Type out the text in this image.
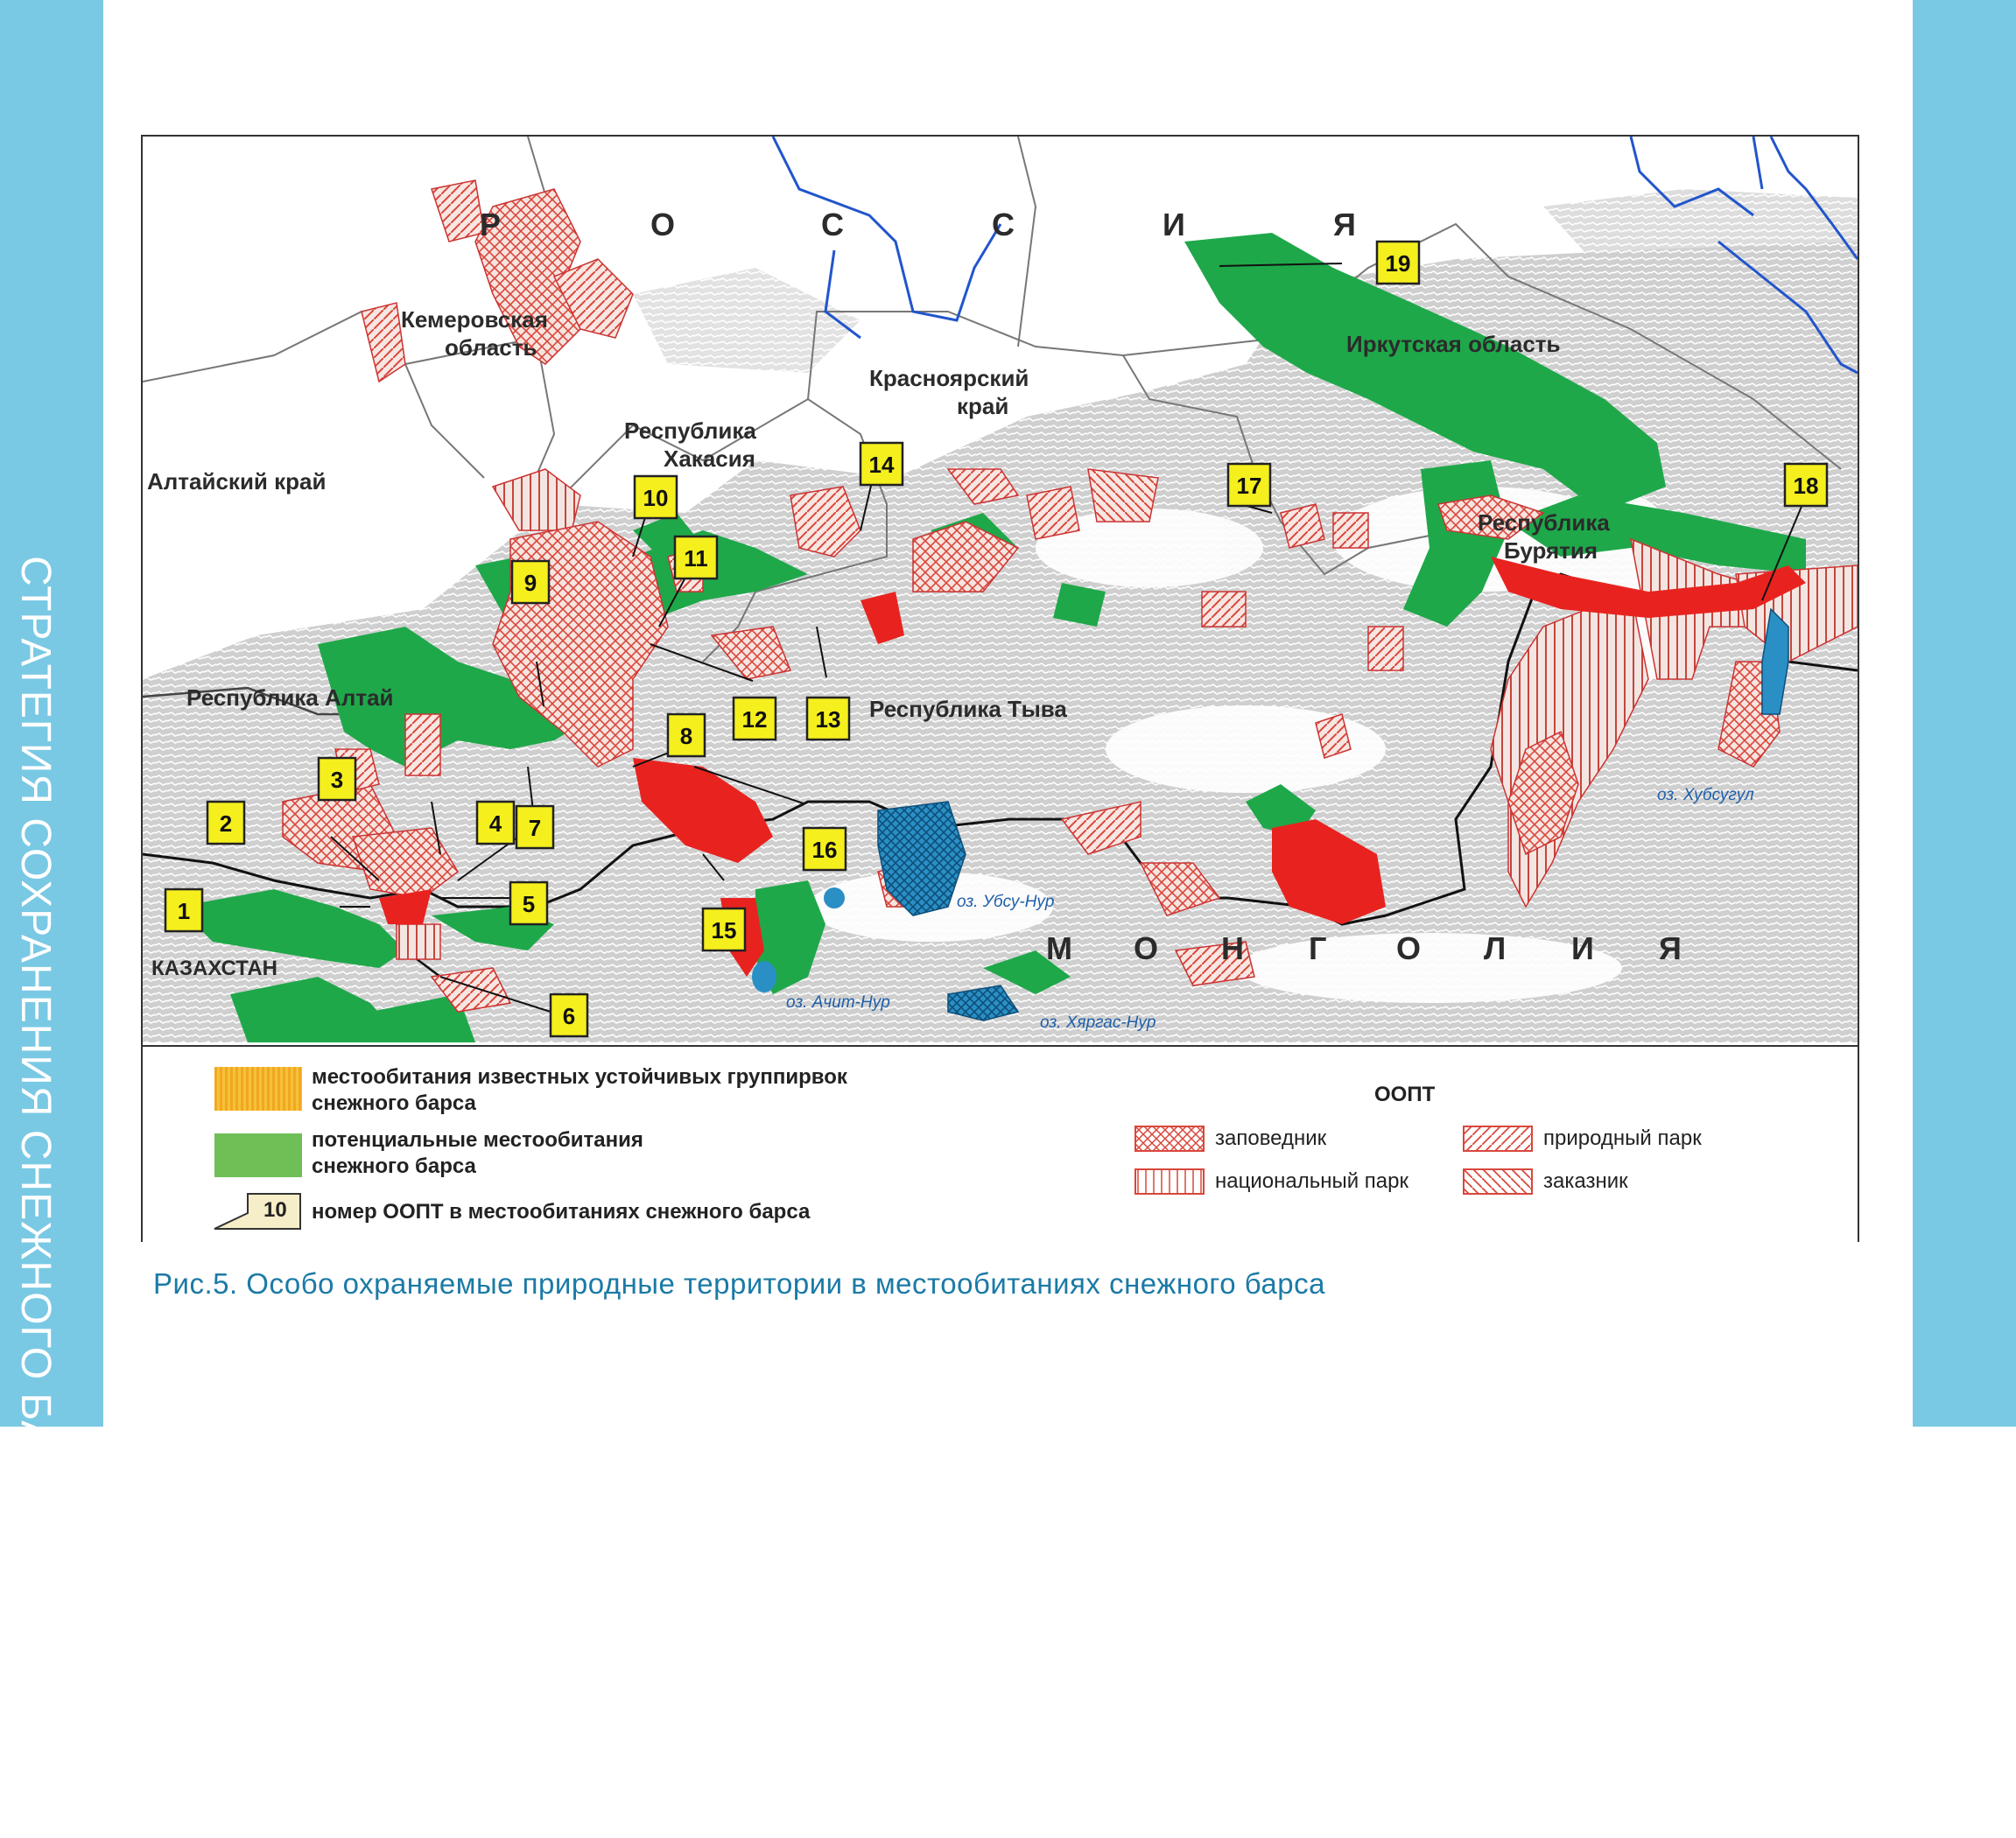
СТРАТЕГИЯ СОХРАНЕНИЯ СНЕЖНОГО БАРСА В РОССИИ 43
Р	О	С	С	И	Я
М О Н Г О Л И Я
КАЗАХСТАН
Кемеровская
область
Красноярский
край
Республика
Хакасия
Алтайский край
Республика Алтай	Республика Тыва
Иркутская область
Республика
Бурятия
оз. Убсу-Нур
оз. Хубсугул
оз. Ачит-Нур
оз. Хяргас-Нур
1
2
3
4
5
6
7
8
9
10
11
12 13
14
15
16
17	18
19
местообитания известных устойчивых группирвок
снежного барса
потенциальные местообитания
снежного барса
10 номер ООПТ в местообитаниях снежного барса
ООПТ
заповедник
национальный парк
природный парк
заказник
Рис.5. Особо охраняемые природные территории в местообитаниях снежного барса
